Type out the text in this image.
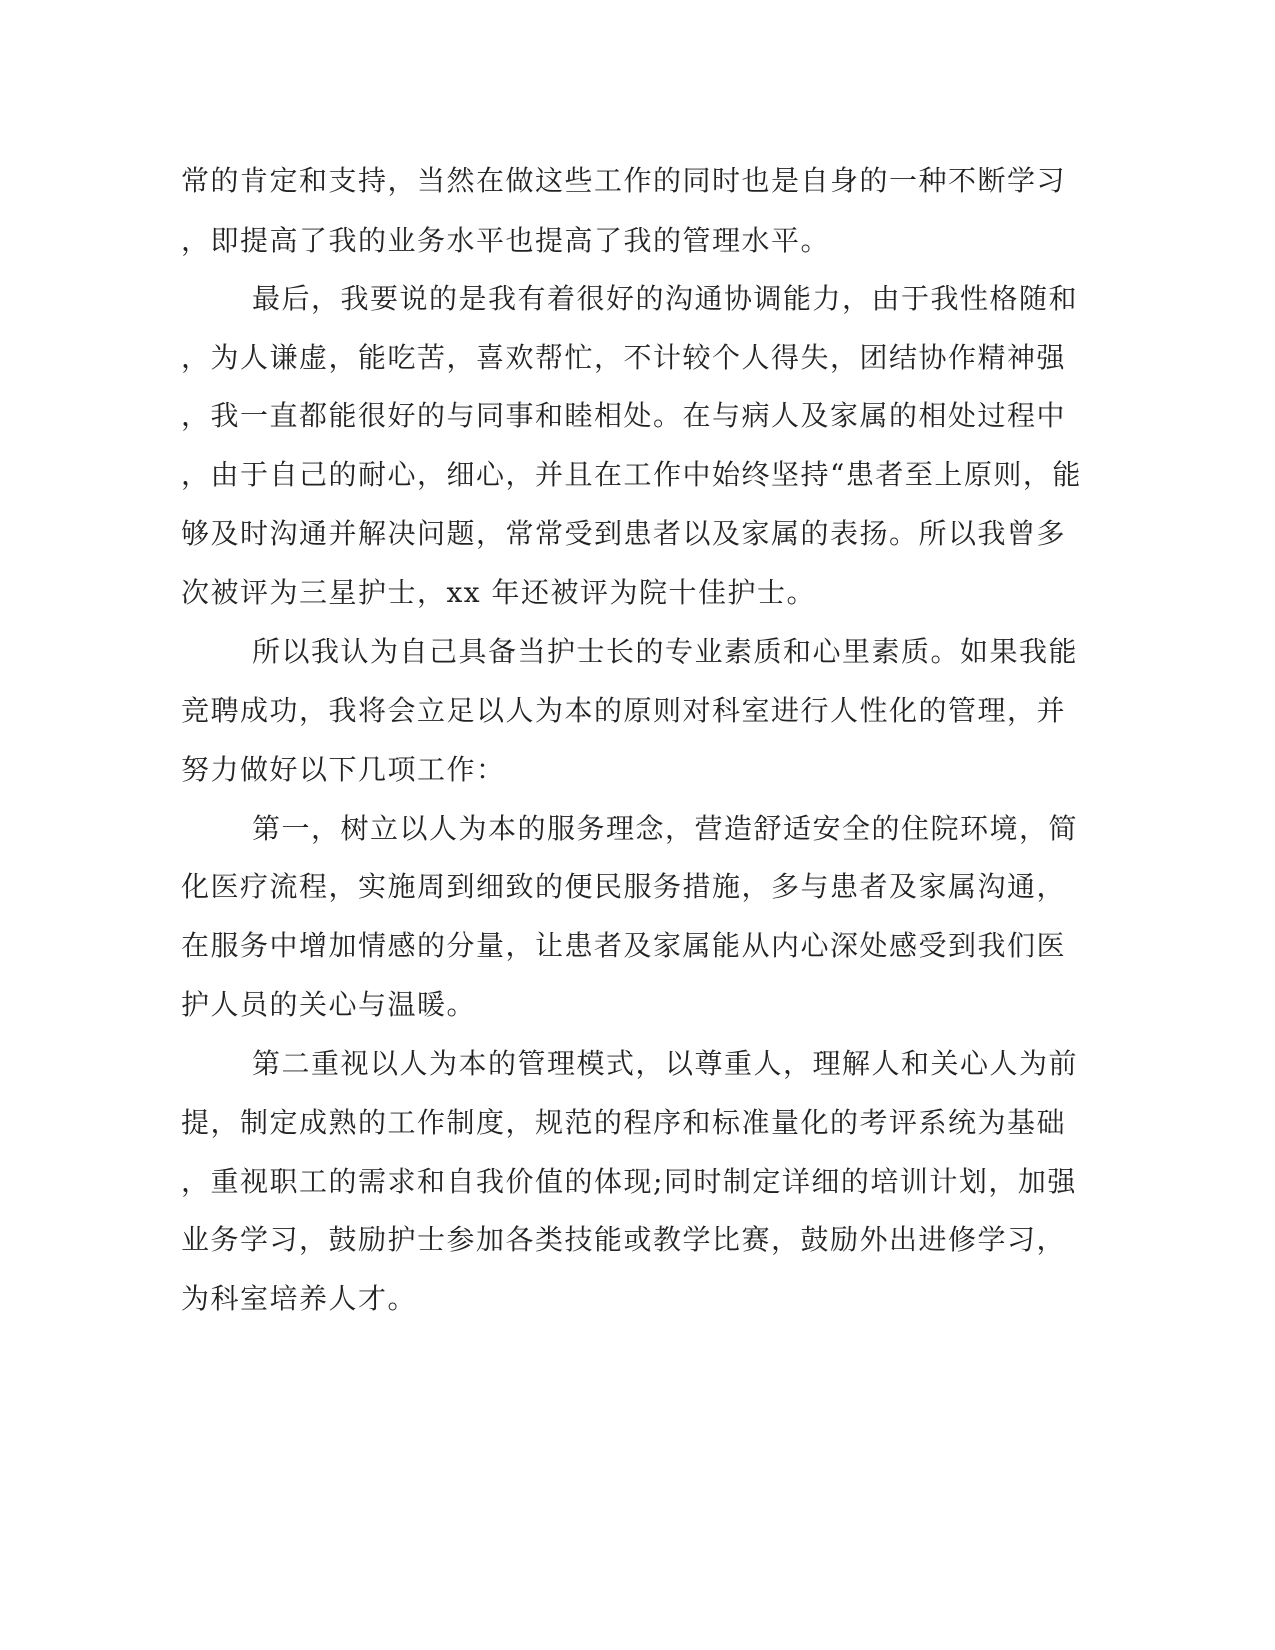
常的肯定和支持，当然在做这些工作的同时也是自身的一种不断学习
，即提高了我的业务水平也提高了我的管理水平。
最后，我要说的是我有着很好的沟通协调能力，由于我性格随和
，为人谦虚，能吃苦，喜欢帮忙，不计较个人得失，团结协作精神强
，我一直都能很好的与同事和睦相处。在与病人及家属的相处过程中
，由于自己的耐心，细心，并且在工作中始终坚持“患者至上原则，能
够及时沟通并解决问题，常常受到患者以及家属的表扬。所以我曾多
次被评为三星护士，xx 年还被评为院十佳护士。
所以我认为自己具备当护士长的专业素质和心里素质。如果我能
竞聘成功，我将会立足以人为本的原则对科室进行人性化的管理，并
努力做好以下几项工作：
第一，树立以人为本的服务理念，营造舒适安全的住院环境，简
化医疗流程，实施周到细致的便民服务措施，多与患者及家属沟通，
在服务中增加情感的分量，让患者及家属能从内心深处感受到我们医
护人员的关心与温暖。
第二重视以人为本的管理模式，以尊重人，理解人和关心人为前
提，制定成熟的工作制度，规范的程序和标准量化的考评系统为基础
，重视职工的需求和自我价值的体现;同时制定详细的培训计划，加强
业务学习，鼓励护士参加各类技能或教学比赛，鼓励外出进修学习，
为科室培养人才。
